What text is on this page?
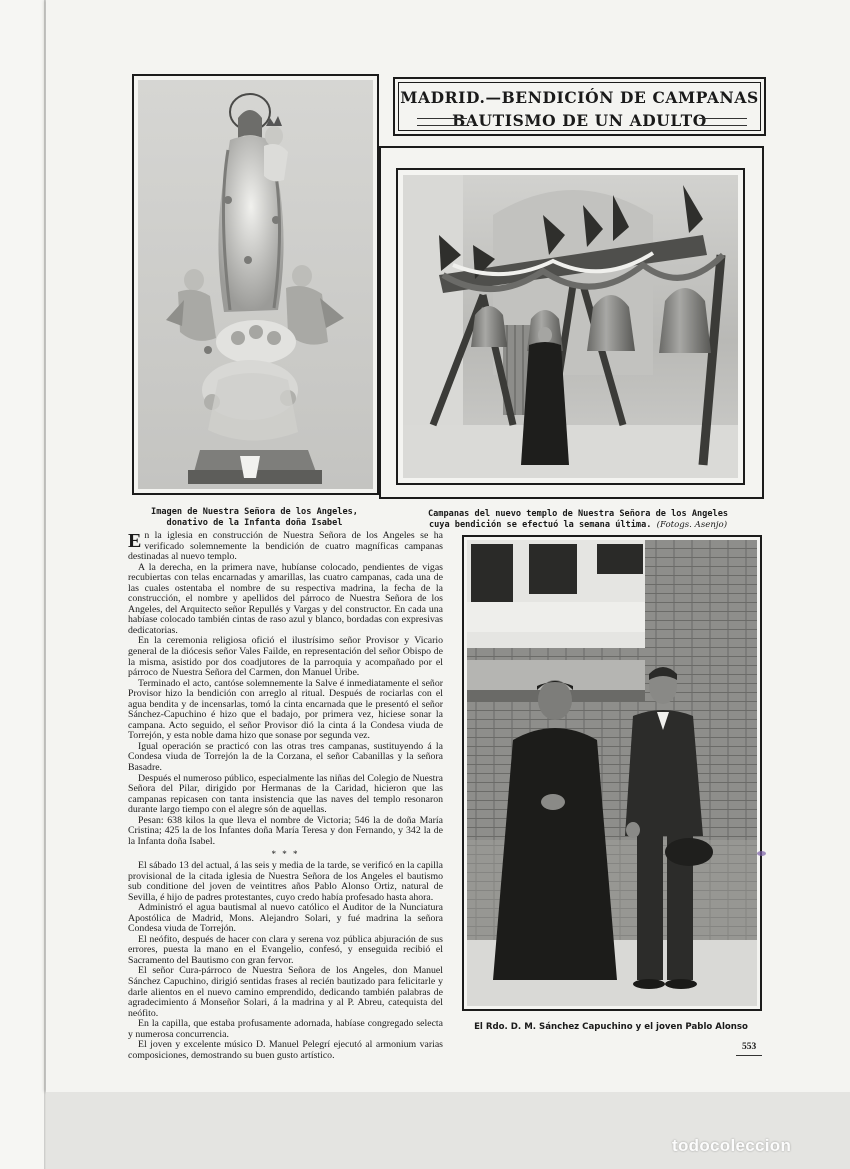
MADRID.—BENDICIÓN DE CAMPANAS
BAUTISMO DE UN ADULTO
Imagen de Nuestra Señora de los Angeles,
donativo de la Infanta doña Isabel
Campanas del nuevo templo de Nuestra Señora de los Angeles
cuya bendición se efectuó la semana última. (Fotogs. Asenjo)
El Rdo. D. M. Sánchez Capuchino y el joven Pablo Alonso

En la iglesia en construcción de Nuestra Señora de los Angeles se ha verificado solemnemente la bendición de cuatro magníficas campanas destinadas al nuevo templo.

A la derecha, en la primera nave, hubíanse colocado, pendientes de vigas recubiertas con telas encarnadas y amarillas, las cuatro campanas, cada una de las cuales ostentaba el nombre de su respectiva madrina, la fecha de la construcción, el nombre y apellidos del párroco de Nuestra Señora de los Angeles, del Arquitecto señor Repullés y Vargas y del constructor. En cada una habíase colocado también cintas de raso azul y blanco, bordadas con expresivas dedicatorias.

En la ceremonia religiosa ofició el ilustrísimo señor Provisor y Vicario general de la diócesis señor Vales Failde, en representación del señor Obispo de la misma, asistido por dos coadjutores de la parroquia y acompañado por el párroco de Nuestra Señora del Carmen, don Manuel Uribe.

Terminado el acto, cantóse solemnemente la Salve é inmediatamente el señor Provisor hizo la bendición con arreglo al ritual. Después de rociarlas con el agua bendita y de incensarlas, tomó la cinta encarnada que le presentó el señor Sánchez-Capuchino é hizo que el badajo, por primera vez, hiciese sonar la campana. Acto seguido, el señor Provisor dió la cinta á la Condesa viuda de Torrejón, y esta noble dama hizo que sonase por segunda vez.

Igual operación se practicó con las otras tres campanas, sustituyendo á la Condesa viuda de Torrejón la de la Corzana, el señor Cabanillas y la señora Basadre.

Después el numeroso público, especialmente las niñas del Colegio de Nuestra Señora del Pilar, dirigido por Hermanas de la Caridad, hicieron que las campanas repicasen con tanta insistencia que las naves del templo resonaron durante largo tiempo con el alegre són de aquellas.

Pesan: 638 kilos la que lleva el nombre de Victoria; 546 la de doña María Cristina; 425 la de los Infantes doña María Teresa y don Fernando, y 342 la de la Infanta doña Isabel.

* * *

El sábado 13 del actual, á las seis y media de la tarde, se verificó en la capilla provisional de la citada iglesia de Nuestra Señora de los Angeles el bautismo sub conditione del joven de veintitres años Pablo Alonso Ortiz, natural de Sevilla, é hijo de padres protestantes, cuyo credo había profesado hasta ahora.

Administró el agua bautismal al nuevo católico el Auditor de la Nunciatura Apostólica de Madrid, Mons. Alejandro Solari, y fué madrina la señora Condesa viuda de Torrejón.

El neófito, después de hacer con clara y serena voz pública abjuración de sus errores, puesta la mano en el Evangelio, confesó, y enseguida recibió el Sacramento del Bautismo con gran fervor.

El señor Cura-párroco de Nuestra Señora de los Angeles, don Manuel Sánchez Capuchino, dirigió sentidas frases al recién bautizado para felicitarle y darle alientos en el nuevo camino emprendido, dedicando también palabras de agradecimiento á Monseñor Solari, á la madrina y al P. Abreu, catequista del neófito.

En la capilla, que estaba profusamente adornada, habíase congregado selecta y numerosa concurrencia.

El joven y excelente músico D. Manuel Pelegrí ejecutó al armonium varias composiciones, demostrando su buen gusto artístico.

553
todocoleccion
